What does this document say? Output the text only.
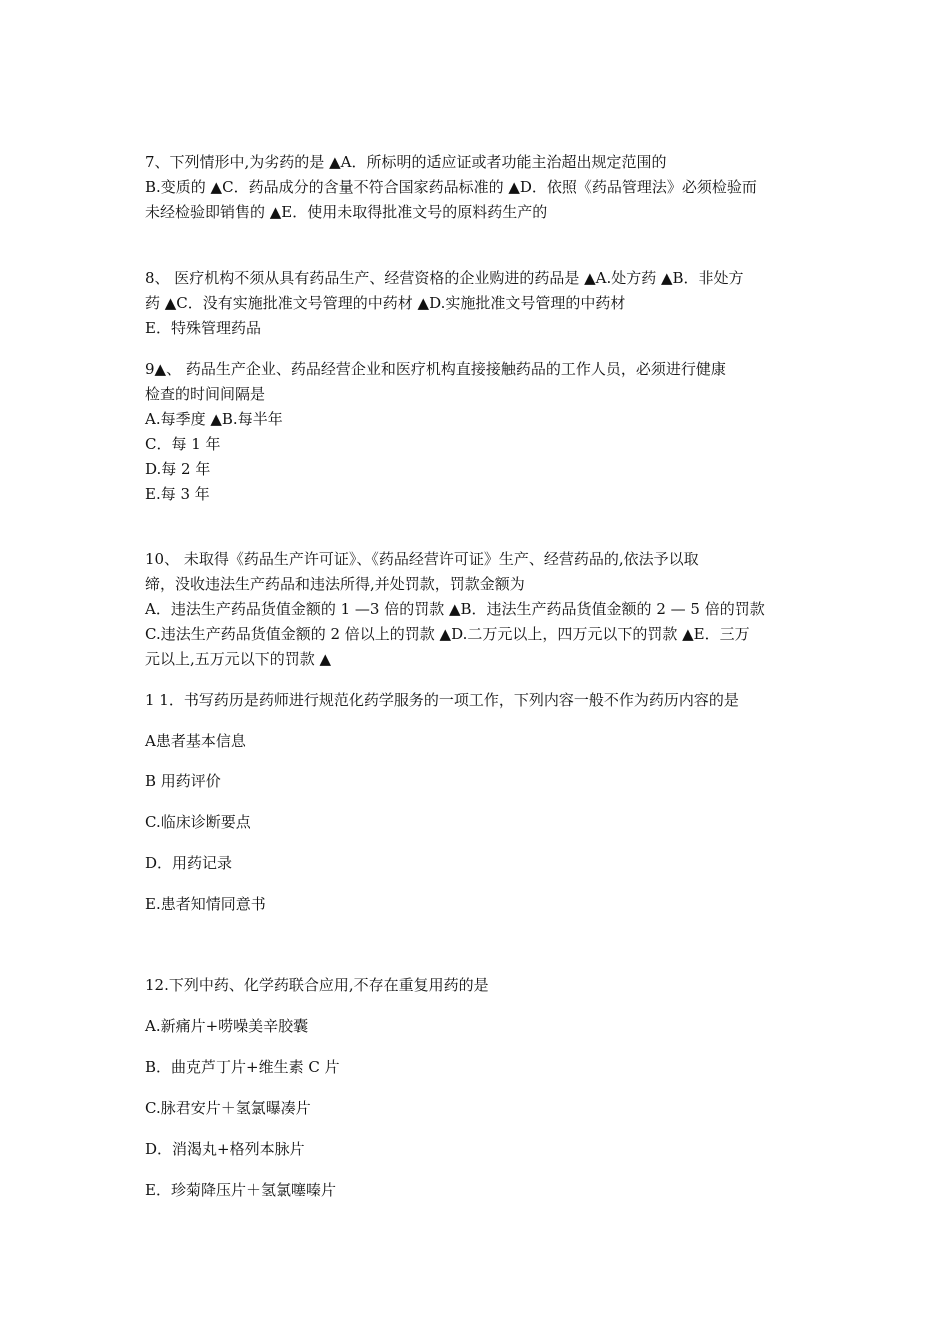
7、下列情形中,为劣药的是 ▲A．所标明的适应证或者功能主治超出规定范围的
B.变质的 ▲C．药品成分的含量不符合国家药品标准的 ▲D．依照《药品管理法》必须检验而
未经检验即销售的 ▲E．使用未取得批准文号的原料药生产的
8、 医疗机构不须从具有药品生产、经营资格的企业购进的药品是 ▲A.处方药 ▲B．非处方
药 ▲C．没有实施批准文号管理的中药材 ▲D.实施批准文号管理的中药材
E．特殊管理药品
9▲、 药品生产企业、药品经营企业和医疗机构直接接触药品的工作人员，必须进行健康
检查的时间间隔是
A.每季度 ▲B.每半年
C．每 1 年
D.每 2 年
E.每 3 年
10、 未取得《药品生产许可证》、《药品经营许可证》生产、经营药品的,依法予以取
缔，没收违法生产药品和违法所得,并处罚款，罚款金额为
A．违法生产药品货值金额的 1 —3 倍的罚款 ▲B．违法生产药品货值金额的 2 — 5 倍的罚款
C.违法生产药品货值金额的 2 倍以上的罚款 ▲D.二万元以上，四万元以下的罚款 ▲E．三万
元以上,五万元以下的罚款 ▲
1 1．书写药历是药师进行规范化药学服务的一项工作，下列内容一般不作为药历内容的是
A患者基本信息
B 用药评价
C.临床诊断要点
D．用药记录
E.患者知情同意书
12.下列中药、化学药联合应用,不存在重复用药的是
A.新痛片+唠噪美辛胶囊
B．曲克芦丁片+维生素 C 片
C.脉君安片＋氢氯曝凑片
D．消渴丸+格列本脉片
E．珍菊降压片＋氢氯噻嗪片
